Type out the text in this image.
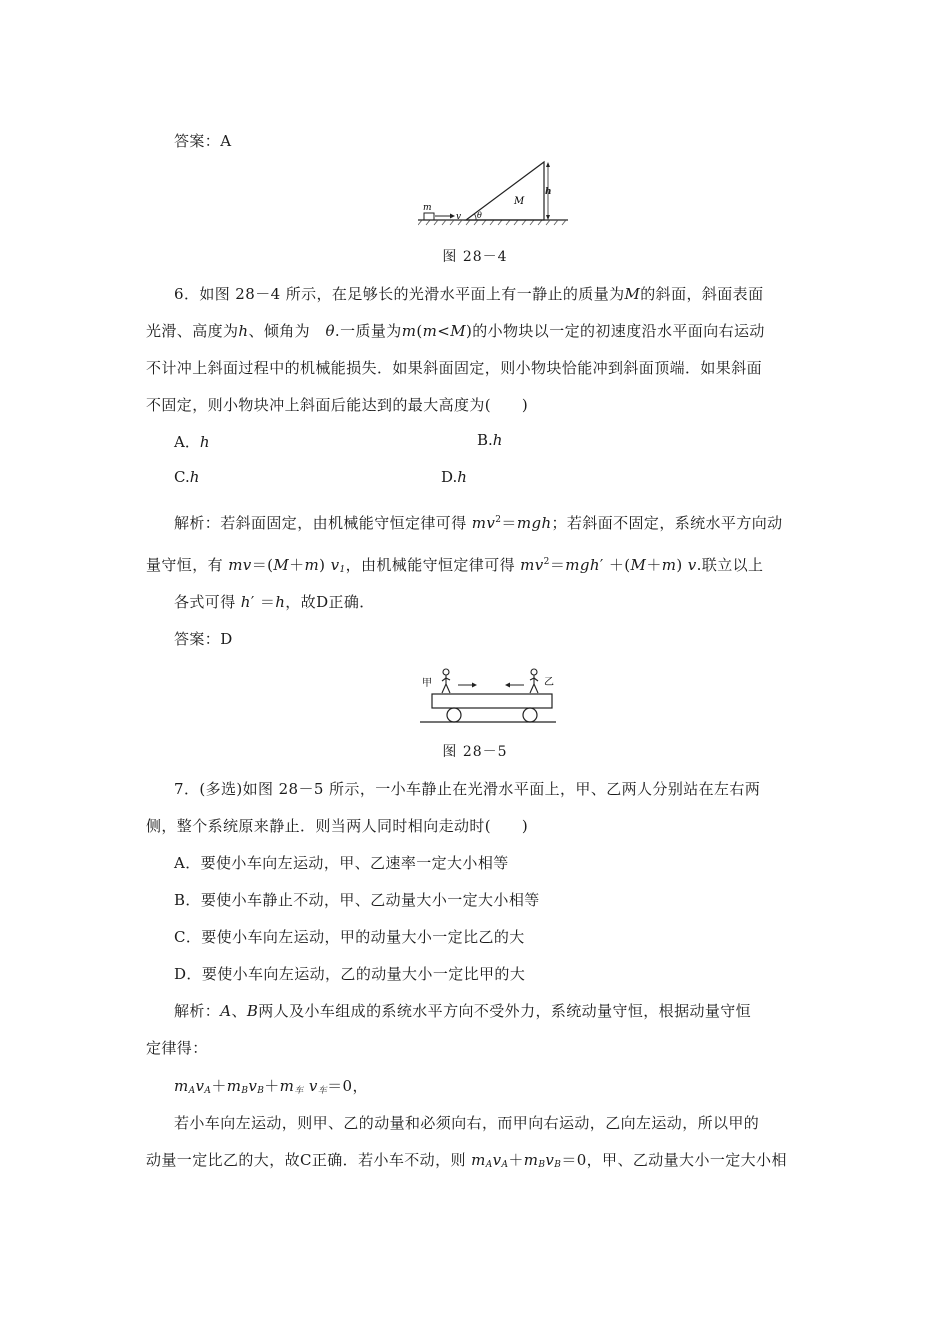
答案：A
m
v θ
M
h
图 28－4
6．如图 28－4 所示，在足够长的光滑水平面上有一静止的质量为M的斜面，斜面表面
光滑、高度为h、倾角为　 θ.一质量为m(m<M)的小物块以一定的初速度沿水平面向右运动
不计冲上斜面过程中的机械能损失．如果斜面固定，则小物块恰能冲到斜面顶端．如果斜面
不固定，则小物块冲上斜面后能达到的最大高度为(　　)
A．h	B.h
C.h	D.h
解析：若斜面固定，由机械能守恒定律可得 $mv^2=mgh$；若斜面不固定，系统水平方向动
量守恒，有 mv＝(M＋m) $v_1$，由机械能守恒定律可得 $mv^2=mgh' +(M+m)$ v.联立以上
各式可得 h′ ＝h，故D正确．
答案：D
甲	乙
图 28－5
7．(多选)如图 28－5 所示，一小车静止在光滑水平面上，甲、乙两人分别站在左右两
侧，整个系统原来静止．则当两人同时相向走动时(　　)
A．要使小车向左运动，甲、乙速率一定大小相等
B．要使小车静止不动，甲、乙动量大小一定大小相等
C．要使小车向左运动，甲的动量大小一定比乙的大
D．要使小车向左运动，乙的动量大小一定比甲的大
解析：A、B两人及小车组成的系统水平方向不受外力，系统动量守恒，根据动量守恒
定律得：
$m_Av_A+m_Bv_B+m_车$ $v_车=0$，
若小车向左运动，则甲、乙的动量和必须向右，而甲向右运动，乙向左运动，所以甲的
动量一定比乙的大，故C正确．若小车不动，则 $m_Av_A+m_Bv_B=0$，甲、乙动量大小一定大小相
